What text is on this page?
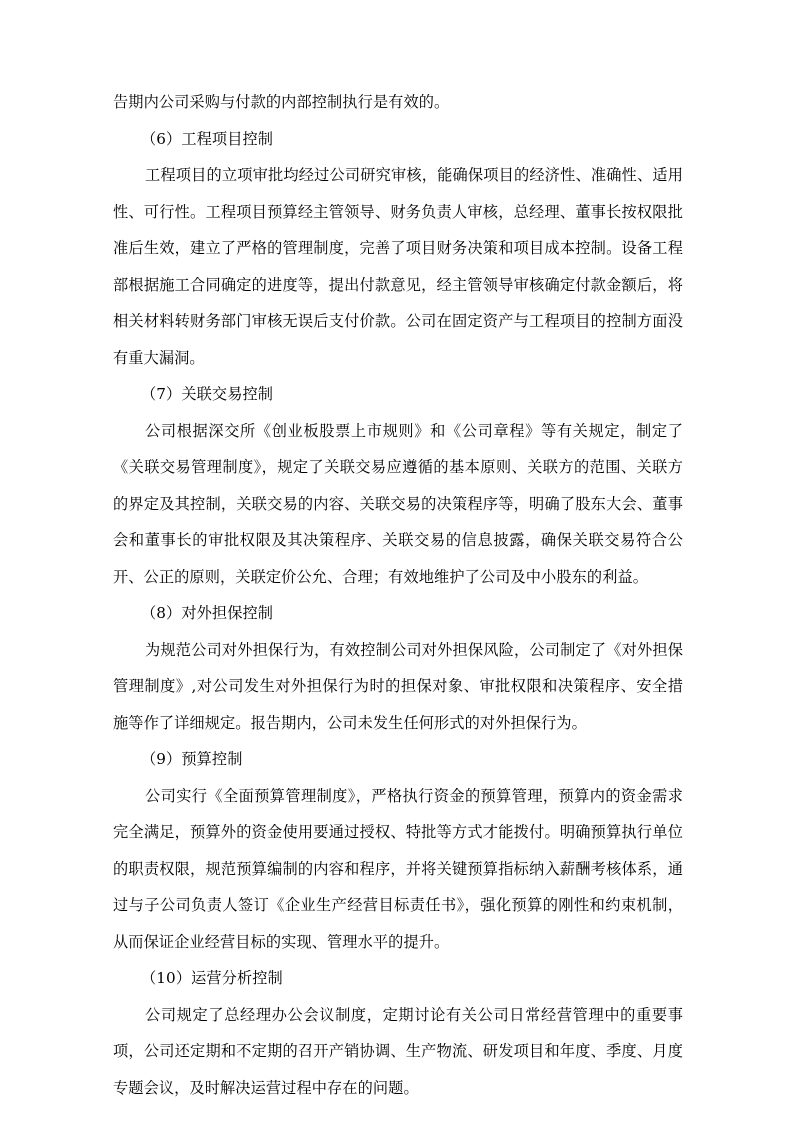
告期内公司采购与付款的内部控制执行是有效的。

（6）工程项目控制

工程项目的立项审批均经过公司研究审核，能确保项目的经济性、准确性、适用性、可行性。工程项目预算经主管领导、财务负责人审核，总经理、董事长按权限批准后生效，建立了严格的管理制度，完善了项目财务决策和项目成本控制。设备工程部根据施工合同确定的进度等，提出付款意见，经主管领导审核确定付款金额后，将相关材料转财务部门审核无误后支付价款。公司在固定资产与工程项目的控制方面没有重大漏洞。

（7）关联交易控制

公司根据深交所《创业板股票上市规则》和《公司章程》等有关规定，制定了《关联交易管理制度》，规定了关联交易应遵循的基本原则、关联方的范围、关联方的界定及其控制，关联交易的内容、关联交易的决策程序等，明确了股东大会、董事会和董事长的审批权限及其决策程序、关联交易的信息披露，确保关联交易符合公开、公正的原则，关联定价公允、合理；有效地维护了公司及中小股东的利益。

（8）对外担保控制

为规范公司对外担保行为，有效控制公司对外担保风险，公司制定了《对外担保管理制度》,对公司发生对外担保行为时的担保对象、审批权限和决策程序、安全措施等作了详细规定。报告期内，公司未发生任何形式的对外担保行为。

（9）预算控制

公司实行《全面预算管理制度》，严格执行资金的预算管理，预算内的资金需求完全满足，预算外的资金使用要通过授权、特批等方式才能拨付。明确预算执行单位的职责权限，规范预算编制的内容和程序，并将关键预算指标纳入薪酬考核体系，通过与子公司负责人签订《企业生产经营目标责任书》，强化预算的刚性和约束机制，从而保证企业经营目标的实现、管理水平的提升。

（10）运营分析控制

公司规定了总经理办公会议制度，定期讨论有关公司日常经营管理中的重要事项，公司还定期和不定期的召开产销协调、生产物流、研发项目和年度、季度、月度专题会议，及时解决运营过程中存在的问题。
